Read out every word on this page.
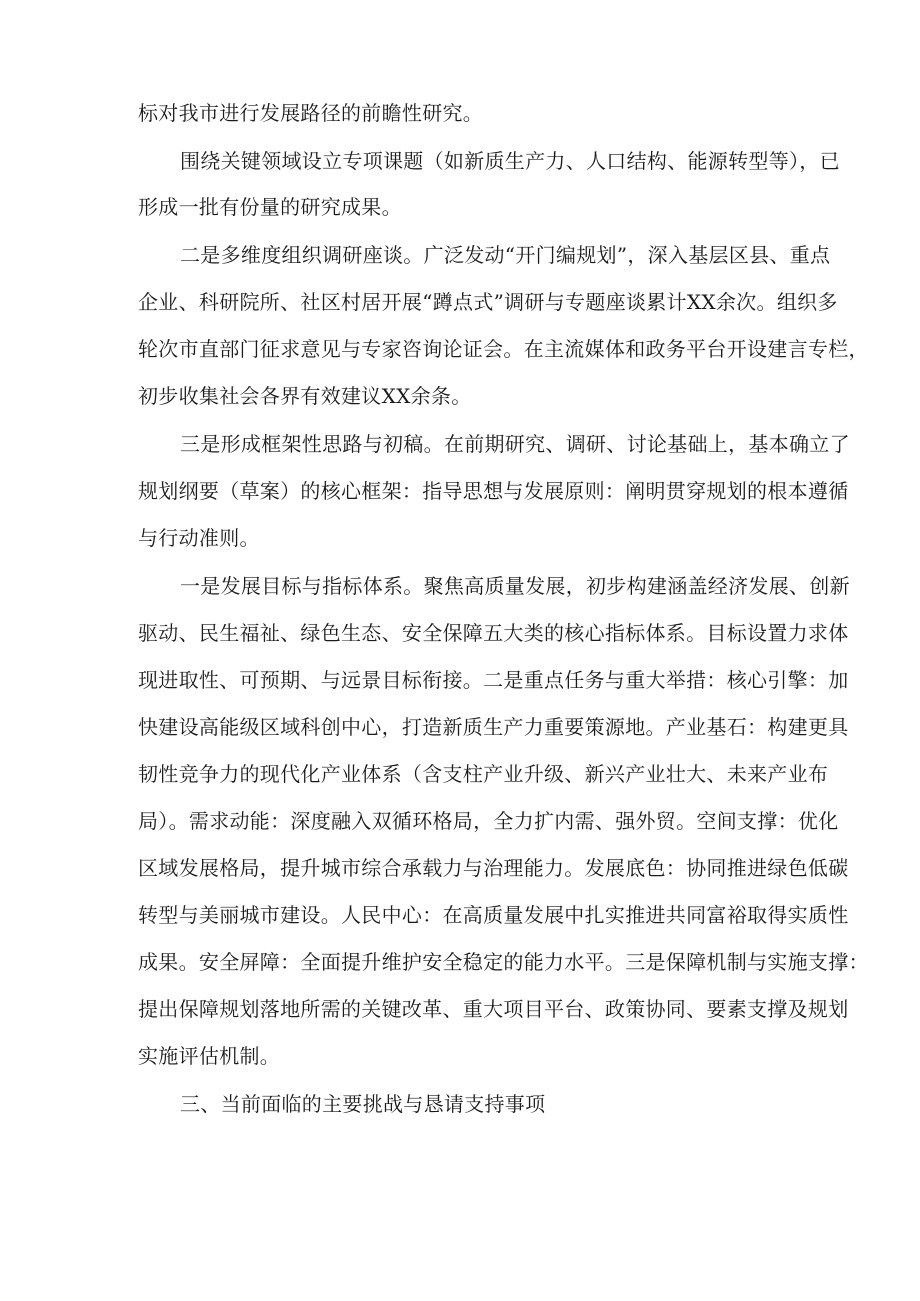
标对我市进行发展路径的前瞻性研究。

围绕关键领域设立专项课题（如新质生产力、人口结构、能源转型等），已

形成一批有份量的研究成果。

二是多维度组织调研座谈。广泛发动“开门编规划”，深入基层区县、重点

企业、科研院所、社区村居开展“蹲点式”调研与专题座谈累计XX余次。组织多

轮次市直部门征求意见与专家咨询论证会。在主流媒体和政务平台开设建言专栏，

初步收集社会各界有效建议XX余条。

三是形成框架性思路与初稿。在前期研究、调研、讨论基础上，基本确立了

规划纲要（草案）的核心框架：指导思想与发展原则：阐明贯穿规划的根本遵循

与行动准则。

一是发展目标与指标体系。聚焦高质量发展，初步构建涵盖经济发展、创新

驱动、民生福祉、绿色生态、安全保障五大类的核心指标体系。目标设置力求体

现进取性、可预期、与远景目标衔接。二是重点任务与重大举措：核心引擎：加

快建设高能级区域科创中心，打造新质生产力重要策源地。产业基石：构建更具

韧性竞争力的现代化产业体系（含支柱产业升级、新兴产业壮大、未来产业布

局）。需求动能：深度融入双循环格局，全力扩内需、强外贸。空间支撑：优化

区域发展格局，提升城市综合承载力与治理能力。发展底色：协同推进绿色低碳

转型与美丽城市建设。人民中心：在高质量发展中扎实推进共同富裕取得实质性

成果。安全屏障：全面提升维护安全稳定的能力水平。三是保障机制与实施支撑：

提出保障规划落地所需的关键改革、重大项目平台、政策协同、要素支撑及规划

实施评估机制。

三、当前面临的主要挑战与恳请支持事项
